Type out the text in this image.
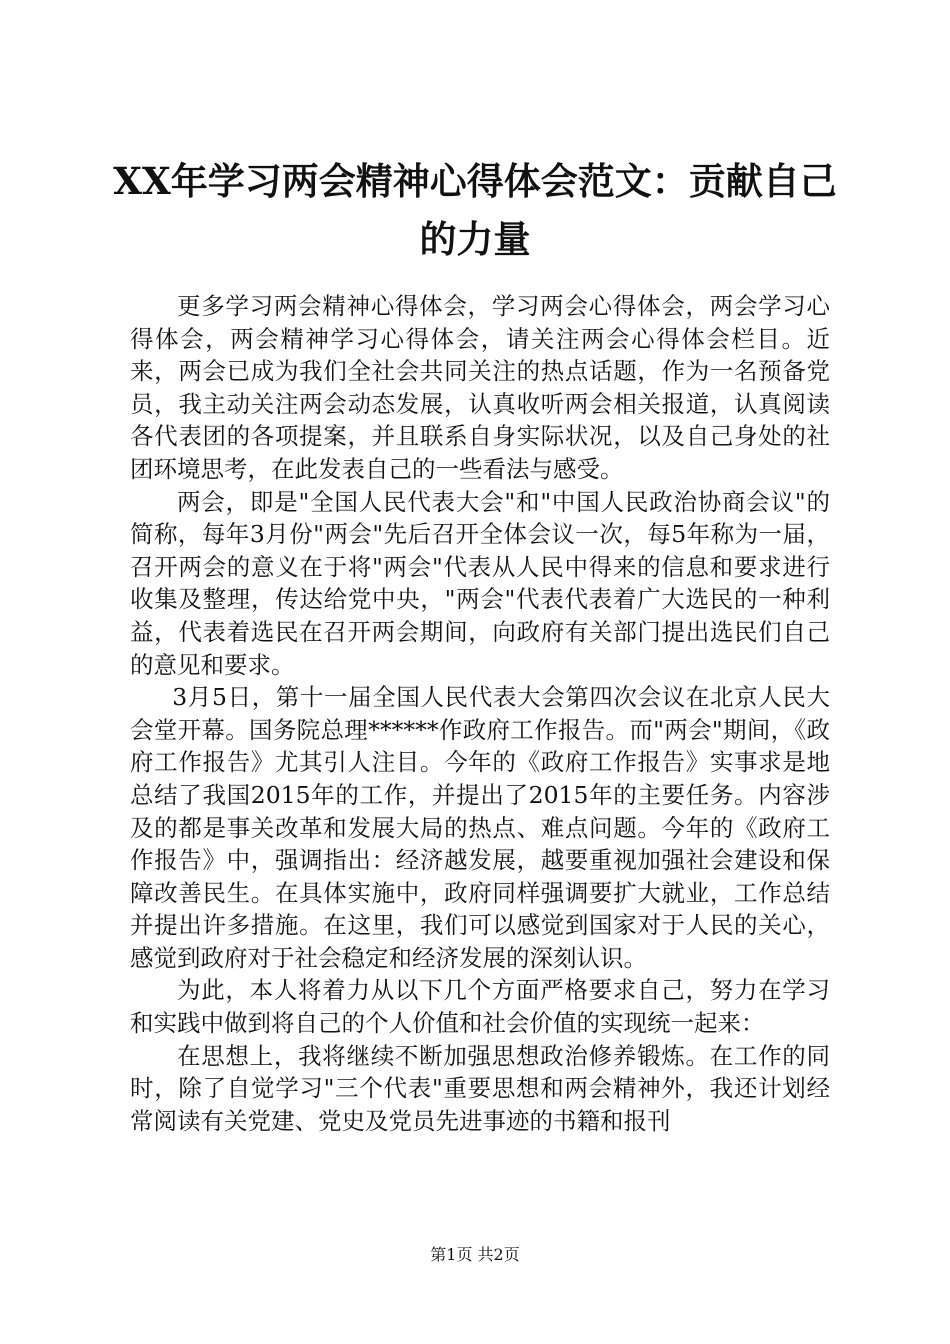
XX年学习两会精神心得体会范文：贡献自己的力量

更多学习两会精神心得体会，学习两会心得体会，两会学习心得体会，两会精神学习心得体会，请关注两会心得体会栏目。近来，两会已成为我们全社会共同关注的热点话题，作为一名预备党员，我主动关注两会动态发展，认真收听两会相关报道，认真阅读各代表团的各项提案，并且联系自身实际状况，以及自己身处的社团环境思考，在此发表自己的一些看法与感受。

两会，即是"全国人民代表大会"和"中国人民政治协商会议"的简称，每年3月份"两会"先后召开全体会议一次，每5年称为一届，召开两会的意义在于将"两会"代表从人民中得来的信息和要求进行收集及整理，传达给党中央，"两会"代表代表着广大选民的一种利益，代表着选民在召开两会期间，向政府有关部门提出选民们自己的意见和要求。

3月5日，第十一届全国人民代表大会第四次会议在北京人民大会堂开幕。国务院总理******作政府工作报告。而"两会"期间，《政府工作报告》尤其引人注目。今年的《政府工作报告》实事求是地总结了我国2015年的工作，并提出了2015年的主要任务。内容涉及的都是事关改革和发展大局的热点、难点问题。今年的《政府工作报告》中，强调指出：经济越发展，越要重视加强社会建设和保障改善民生。在具体实施中，政府同样强调要扩大就业，工作总结并提出许多措施。在这里，我们可以感觉到国家对于人民的关心，感觉到政府对于社会稳定和经济发展的深刻认识。

为此，本人将着力从以下几个方面严格要求自己，努力在学习和实践中做到将自己的个人价值和社会价值的实现统一起来：

在思想上，我将继续不断加强思想政治修养锻炼。在工作的同时，除了自觉学习"三个代表"重要思想和两会精神外，我还计划经常阅读有关党建、党史及党员先进事迹的书籍和报刊

第1页 共2页
